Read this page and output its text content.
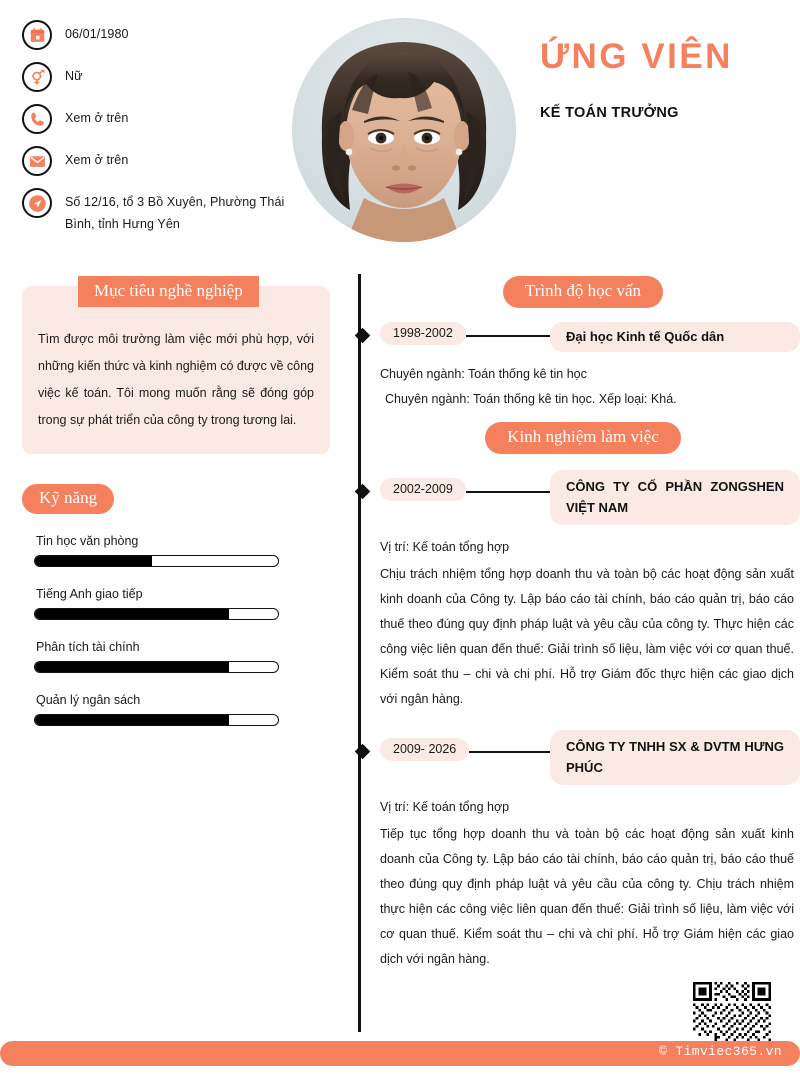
06/01/1980
Nữ
Xem ở trên
Xem ở trên
Số 12/16, tổ 3 Bồ Xuyên, Phường Thái Bình, tỉnh Hưng Yên
ỨNG VIÊN
KẾ TOÁN TRƯỞNG
Mục tiêu nghề nghiệp
Tìm được môi trường làm việc mới phù hợp, với những kiến thức và kinh nghiệm có được về công việc kế toán. Tôi mong muốn rằng sẽ đóng góp trong sự phát triển của công ty trong tương lai.
Kỹ năng
Tin học văn phòng
Tiếng Anh giao tiếp
Phân tích tài chính
Quản lý ngân sách
Trình độ học vấn
1998-2002	Đại học Kinh tế Quốc dân
Chuyên ngành: Toán thống kê tin học
Chuyên ngành: Toán thống kê tin học. Xếp loại: Khá.
Kinh nghiệm làm việc
2002-2009	CÔNG TY CỔ PHẦN ZONGSHEN VIỆT NAM
Vị trí: Kế toán tổng hợp
Chịu trách nhiệm tổng hợp doanh thu và toàn bộ các hoạt động sản xuất kinh doanh của Công ty. Lập báo cáo tài chính, báo cáo quản trị, báo cáo thuế theo đúng quy định pháp luật và yêu cầu của công ty. Thực hiện các công việc liên quan đến thuế: Giải trình số liệu, làm việc với cơ quan thuế. Kiểm soát thu – chi và chi phí. Hỗ trợ Giám đốc thực hiện các giao dịch với ngân hàng.
2009- 2026	CÔNG TY TNHH SX & DVTM HƯNG PHÚC
Vị trí: Kế toán tổng hợp
Tiếp tục tổng hợp doanh thu và toàn bộ các hoạt động sản xuất kinh doanh của Công ty. Lập báo cáo tài chính, báo cáo quản trị, báo cáo thuế theo đúng quy định pháp luật và yêu cầu của công ty. Chịu trách nhiệm thực hiện các công việc liên quan đến thuế: Giải trình số liệu, làm việc với cơ quan thuế. Kiểm soát thu – chi và chi phí. Hỗ trợ Giám hiện các giao dịch với ngân hàng.
© Timviec365.vn
